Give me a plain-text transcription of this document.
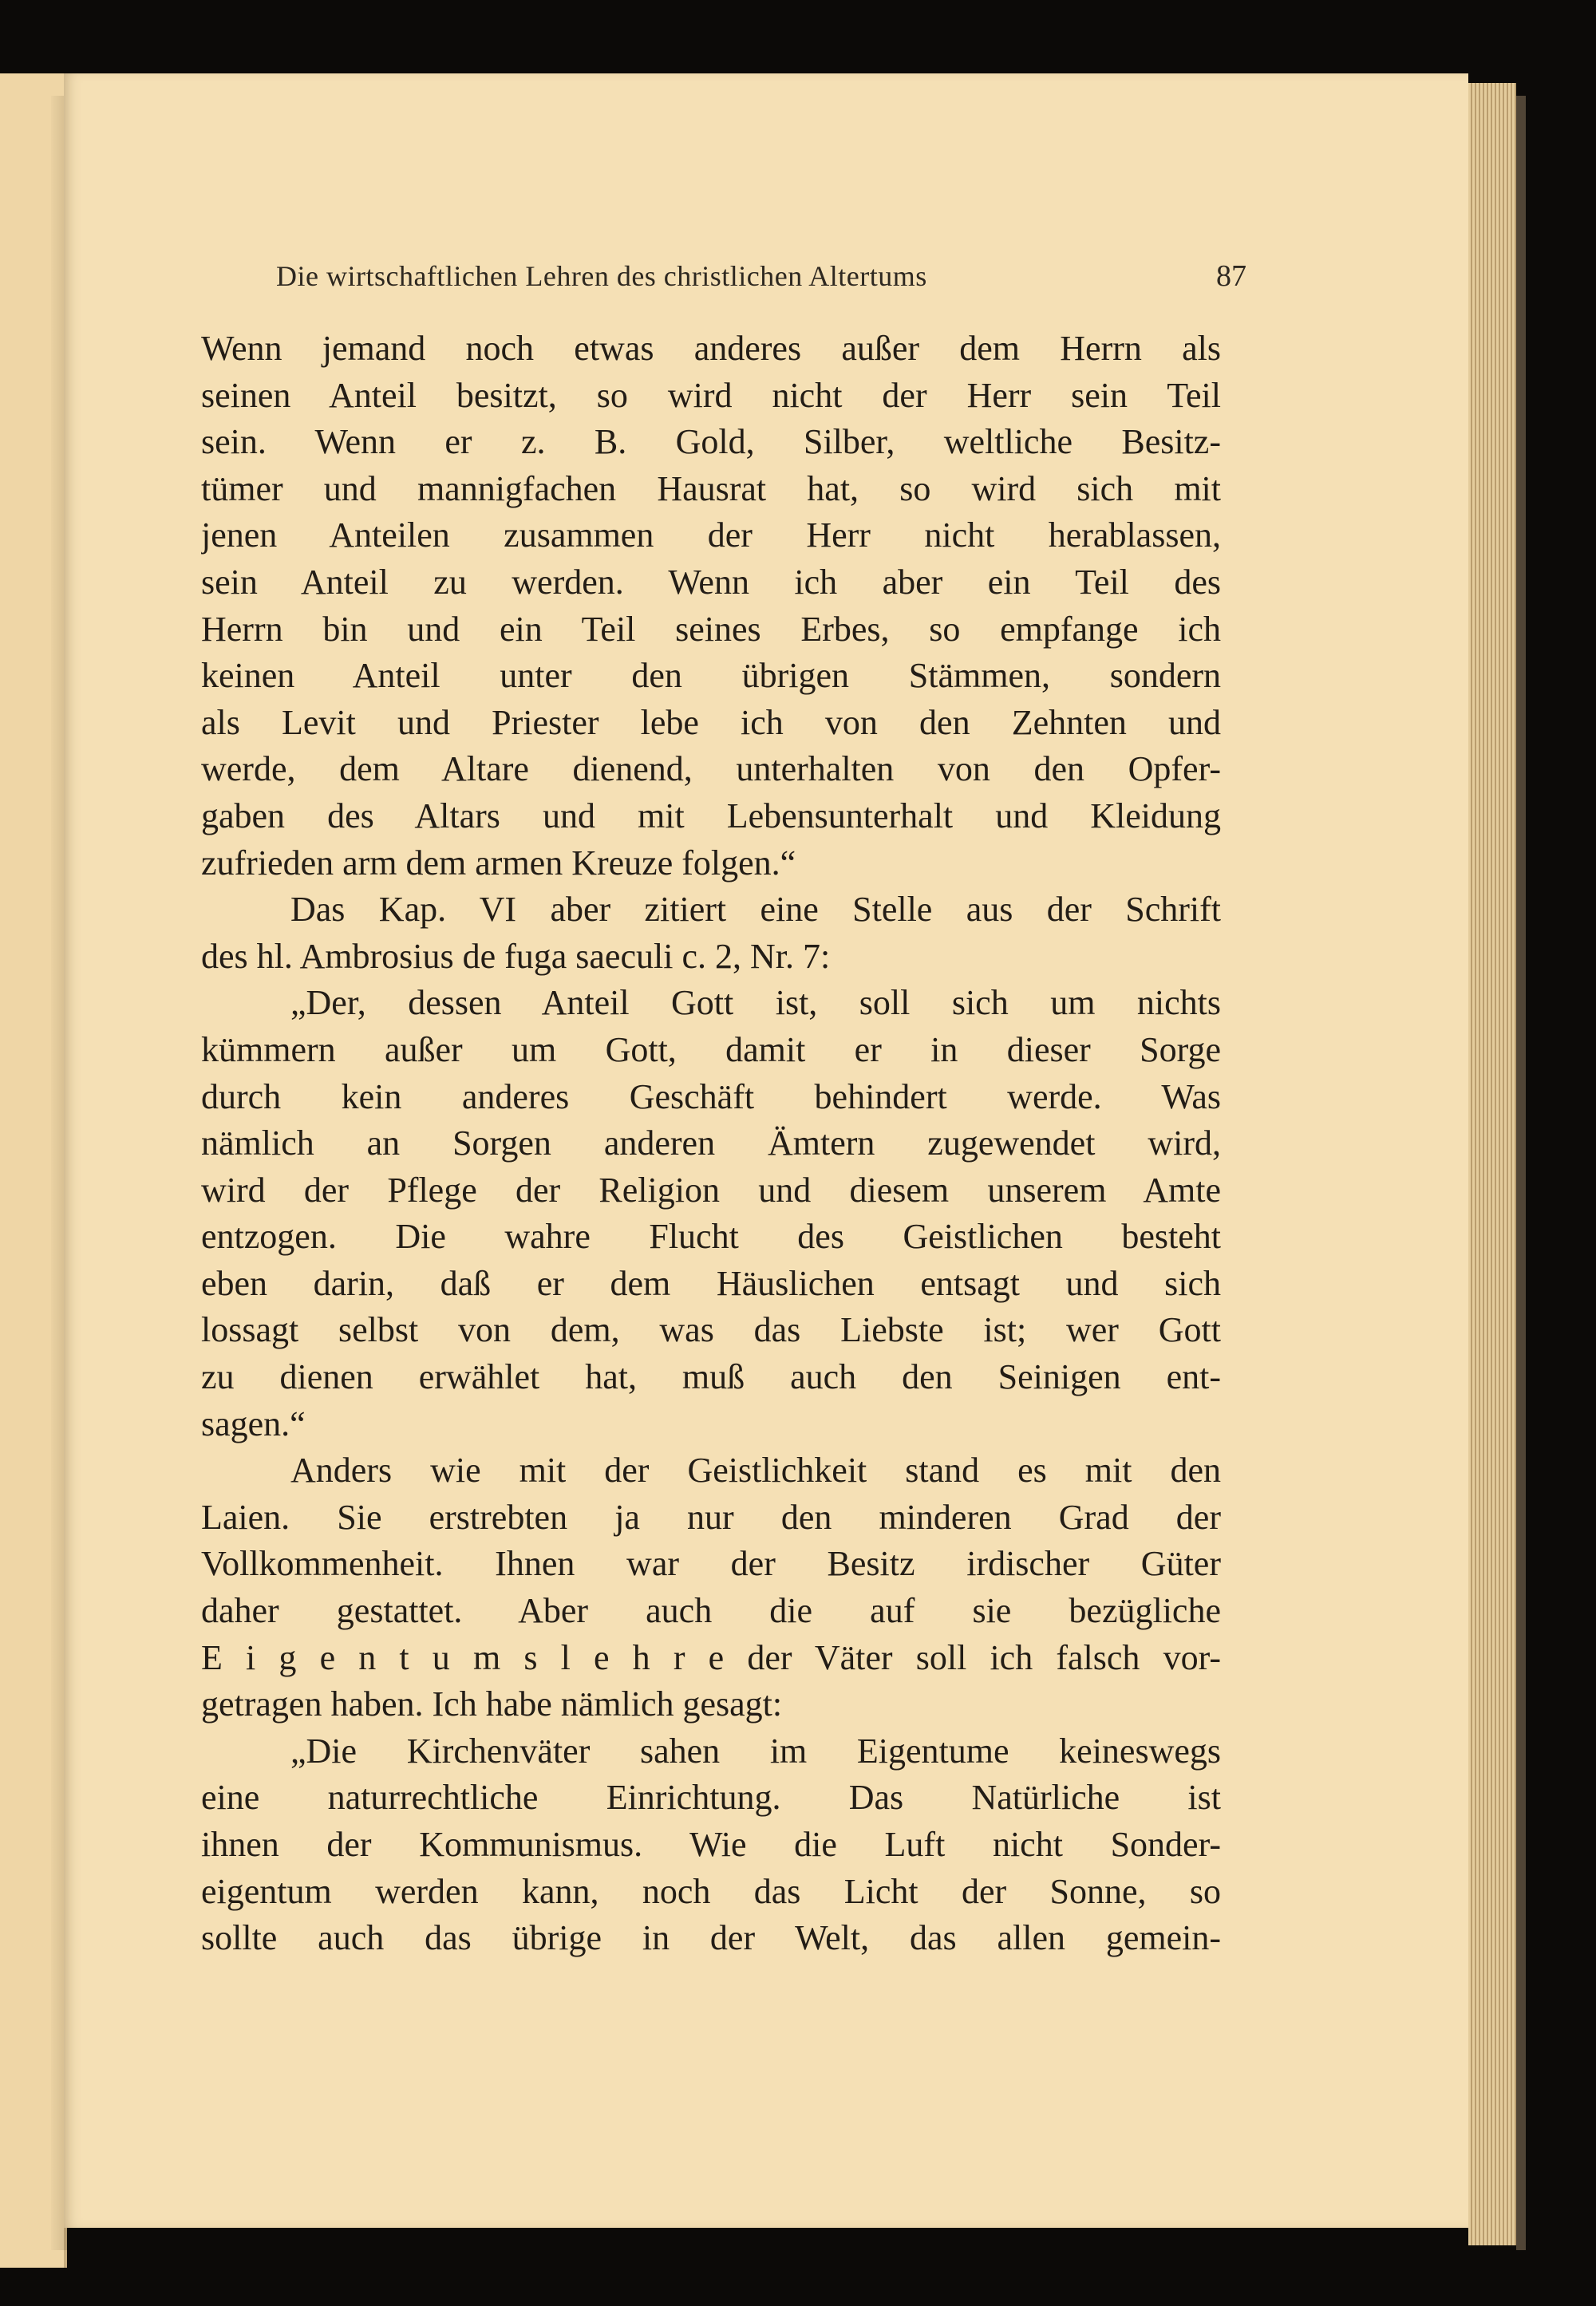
Die wirtschaftlichen Lehren des christlichen Altertums	87
Wenn jemand noch etwas anderes außer dem Herrn als
seinen Anteil besitzt, so wird nicht der Herr sein Teil
sein. Wenn er z. B. Gold, Silber, weltliche Besitz-
tümer und mannigfachen Hausrat hat, so wird sich mit
jenen Anteilen zusammen der Herr nicht herablassen,
sein Anteil zu werden. Wenn ich aber ein Teil des
Herrn bin und ein Teil seines Erbes, so empfange ich
keinen Anteil unter den übrigen Stämmen, sondern
als Levit und Priester lebe ich von den Zehnten und
werde, dem Altare dienend, unterhalten von den Opfer-
gaben des Altars und mit Lebensunterhalt und Kleidung
zufrieden arm dem armen Kreuze folgen.“
Das Kap. VI aber zitiert eine Stelle aus der Schrift
des hl. Ambrosius de fuga saeculi c. 2, Nr. 7:
„Der, dessen Anteil Gott ist, soll sich um nichts
kümmern außer um Gott, damit er in dieser Sorge
durch kein anderes Geschäft behindert werde. Was
nämlich an Sorgen anderen Ämtern zugewendet wird,
wird der Pflege der Religion und diesem unserem Amte
entzogen. Die wahre Flucht des Geistlichen besteht
eben darin, daß er dem Häuslichen entsagt und sich
lossagt selbst von dem, was das Liebste ist; wer Gott
zu dienen erwählet hat, muß auch den Seinigen ent-
sagen.“
Anders wie mit der Geistlichkeit stand es mit den
Laien. Sie erstrebten ja nur den minderen Grad der
Vollkommenheit. Ihnen war der Besitz irdischer Güter
daher gestattet. Aber auch die auf sie bezügliche
E i g e n t u m s l e h r e der Väter soll ich falsch vor-
getragen haben. Ich habe nämlich gesagt:
„Die Kirchenväter sahen im Eigentume keineswegs
eine naturrechtliche Einrichtung. Das Natürliche ist
ihnen der Kommunismus. Wie die Luft nicht Sonder-
eigentum werden kann, noch das Licht der Sonne, so
sollte auch das übrige in der Welt, das allen gemein-
